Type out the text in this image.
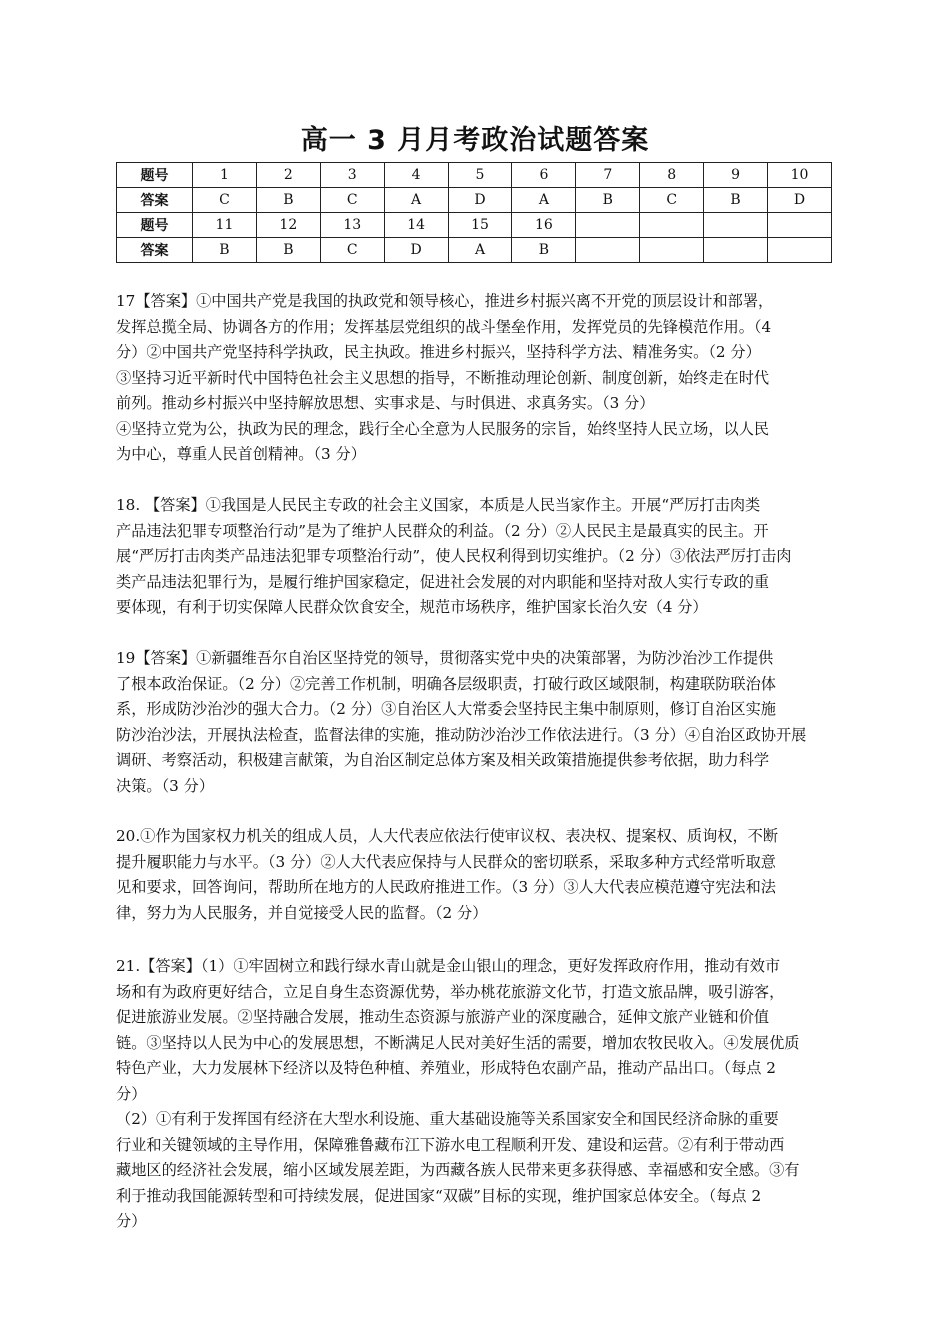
高一 3 月月考政治试题答案
题号	1	2	3	4	5	6	7	8	9	10
答案	C	B	C	A	D	A	B	C	B	D
题号	11	12	13	14	15	16				
答案	B	B	C	D	A	B				
17【答案】①中国共产党是我国的执政党和领导核心，推进乡村振兴离不开党的顶层设计和部署，
发挥总揽全局、协调各方的作用；发挥基层党组织的战斗堡垒作用，发挥党员的先锋模范作用。（4
分）②中国共产党坚持科学执政，民主执政。推进乡村振兴，坚持科学方法、精准务实。（2 分）
③坚持习近平新时代中国特色社会主义思想的指导，不断推动理论创新、制度创新，始终走在时代
前列。推动乡村振兴中坚持解放思想、实事求是、与时俱进、求真务实。（3 分）
④坚持立党为公，执政为民的理念，践行全心全意为人民服务的宗旨，始终坚持人民立场，以人民
为中心，尊重人民首创精神。（3 分）
18. 【答案】①我国是人民民主专政的社会主义国家，本质是人民当家作主。开展“严厉打击肉类
产品违法犯罪专项整治行动”是为了维护人民群众的利益。（2 分）②人民民主是最真实的民主。开
展“严厉打击肉类产品违法犯罪专项整治行动”，使人民权利得到切实维护。（2 分）③依法严厉打击肉
类产品违法犯罪行为，是履行维护国家稳定，促进社会发展的对内职能和坚持对敌人实行专政的重
要体现，有利于切实保障人民群众饮食安全，规范市场秩序，维护国家长治久安（4 分）
19【答案】①新疆维吾尔自治区坚持党的领导，贯彻落实党中央的决策部署，为防沙治沙工作提供
了根本政治保证。（2 分）②完善工作机制，明确各层级职责，打破行政区域限制，构建联防联治体
系，形成防沙治沙的强大合力。（2 分）③自治区人大常委会坚持民主集中制原则，修订自治区实施
防沙治沙法，开展执法检查，监督法律的实施，推动防沙治沙工作依法进行。（3 分）④自治区政协开展
调研、考察活动，积极建言献策，为自治区制定总体方案及相关政策措施提供参考依据，助力科学
决策。（3 分）
20.①作为国家权力机关的组成人员，人大代表应依法行使审议权、表决权、提案权、质询权，不断
提升履职能力与水平。（3 分）②人大代表应保持与人民群众的密切联系，采取多种方式经常听取意
见和要求，回答询问，帮助所在地方的人民政府推进工作。（3 分）③人大代表应模范遵守宪法和法
律，努力为人民服务，并自觉接受人民的监督。（2 分）
21.【答案】（1）①牢固树立和践行绿水青山就是金山银山的理念，更好发挥政府作用，推动有效市
场和有为政府更好结合，立足自身生态资源优势，举办桃花旅游文化节，打造文旅品牌，吸引游客，
促进旅游业发展。②坚持融合发展，推动生态资源与旅游产业的深度融合，延伸文旅产业链和价值
链。③坚持以人民为中心的发展思想，不断满足人民对美好生活的需要，增加农牧民收入。④发展优质
特色产业，大力发展林下经济以及特色种植、养殖业，形成特色农副产品，推动产品出口。（每点 2
分）
（2）①有利于发挥国有经济在大型水利设施、重大基础设施等关系国家安全和国民经济命脉的重要
行业和关键领域的主导作用，保障雅鲁藏布江下游水电工程顺利开发、建设和运营。②有利于带动西
藏地区的经济社会发展，缩小区域发展差距，为西藏各族人民带来更多获得感、幸福感和安全感。③有
利于推动我国能源转型和可持续发展，促进国家“双碳”目标的实现，维护国家总体安全。（每点 2
分）
